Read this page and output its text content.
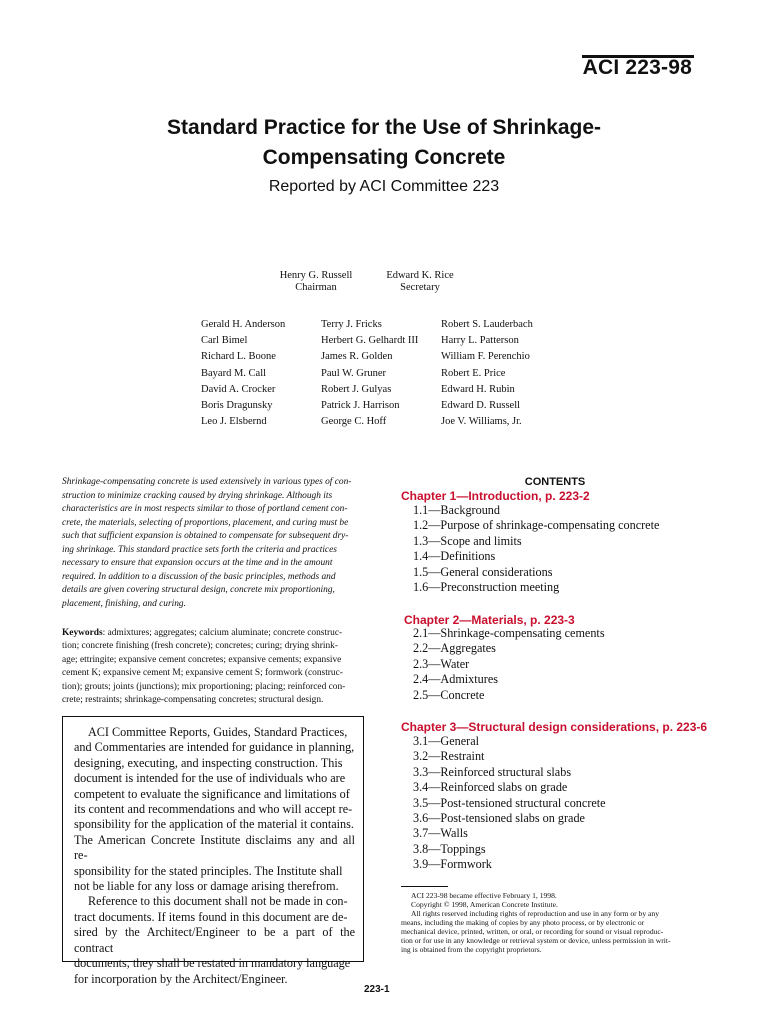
ACI 223-98
Standard Practice for the Use of Shrinkage-
Compensating Concrete
Reported by ACI Committee 223
Henry G. Russell
Chairman
Edward K. Rice
Secretary
Gerald H. Anderson
Carl Bimel
Richard L. Boone
Bayard M. Call
David A. Crocker
Boris Dragunsky
Leo J. Elsbernd
Terry J. Fricks
Herbert G. Gelhardt III
James R. Golden
Paul W. Gruner
Robert J. Gulyas
Patrick J. Harrison
George C. Hoff
Robert S. Lauderbach
Harry L. Patterson
William F. Perenchio
Robert E. Price
Edward H. Rubin
Edward D. Russell
Joe V. Williams, Jr.
Shrinkage-compensating concrete is used extensively in various types of con-
struction to minimize cracking caused by drying shrinkage. Although its
characteristics are in most respects similar to those of portland cement con-
crete, the materials, selecting of proportions, placement, and curing must be
such that sufficient expansion is obtained to compensate for subsequent dry-
ing shrinkage. This standard practice sets forth the criteria and practices
necessary to ensure that expansion occurs at the time and in the amount
required. In addition to a discussion of the basic principles, methods and
details are given covering structural design, concrete mix proportioning,
placement, finishing, and curing.
Keywords: admixtures; aggregates; calcium aluminate; concrete construc-
tion; concrete finishing (fresh concrete); concretes; curing; drying shrink-
age; ettringite; expansive cement concretes; expansive cements; expansive
cement K; expansive cement M; expansive cement S; formwork (construc-
tion); grouts; joints (junctions); mix proportioning; placing; reinforced con-
crete; restraints; shrinkage-compensating concretes; structural design.
ACI Committee Reports, Guides, Standard Practices,
and Commentaries are intended for guidance in planning,
designing, executing, and inspecting construction. This
document is intended for the use of individuals who are
competent to evaluate the significance and limitations of
its content and recommendations and who will accept re-
sponsibility for the application of the material it contains.
The American Concrete Institute disclaims any and all re-
sponsibility for the stated principles. The Institute shall
not be liable for any loss or damage arising therefrom.
Reference to this document shall not be made in con-
tract documents. If items found in this document are de-
sired by the Architect/Engineer to be a part of the contract
documents, they shall be restated in mandatory language
for incorporation by the Architect/Engineer.
CONTENTS
Chapter 1—Introduction, p. 223-2
1.1—Background
1.2—Purpose of shrinkage-compensating concrete
1.3—Scope and limits
1.4—Definitions
1.5—General considerations
1.6—Preconstruction meeting
Chapter 2—Materials, p. 223-3
2.1—Shrinkage-compensating cements
2.2—Aggregates
2.3—Water
2.4—Admixtures
2.5—Concrete
Chapter 3—Structural design considerations, p. 223-6
3.1—General
3.2—Restraint
3.3—Reinforced structural slabs
3.4—Reinforced slabs on grade
3.5—Post-tensioned structural concrete
3.6—Post-tensioned slabs on grade
3.7—Walls
3.8—Toppings
3.9—Formwork

ACI 223-98 became effective February 1, 1998.

Copyright © 1998, American Concrete Institute.

All rights reserved including rights of reproduction and use in any form or by any
means, including the making of copies by any photo process, or by electronic or
mechanical device, printed, written, or oral, or recording for sound or visual reproduc-
tion or for use in any knowledge or retrieval system or device, unless permission in writ-
ing is obtained from the copyright proprietors.
223-1
